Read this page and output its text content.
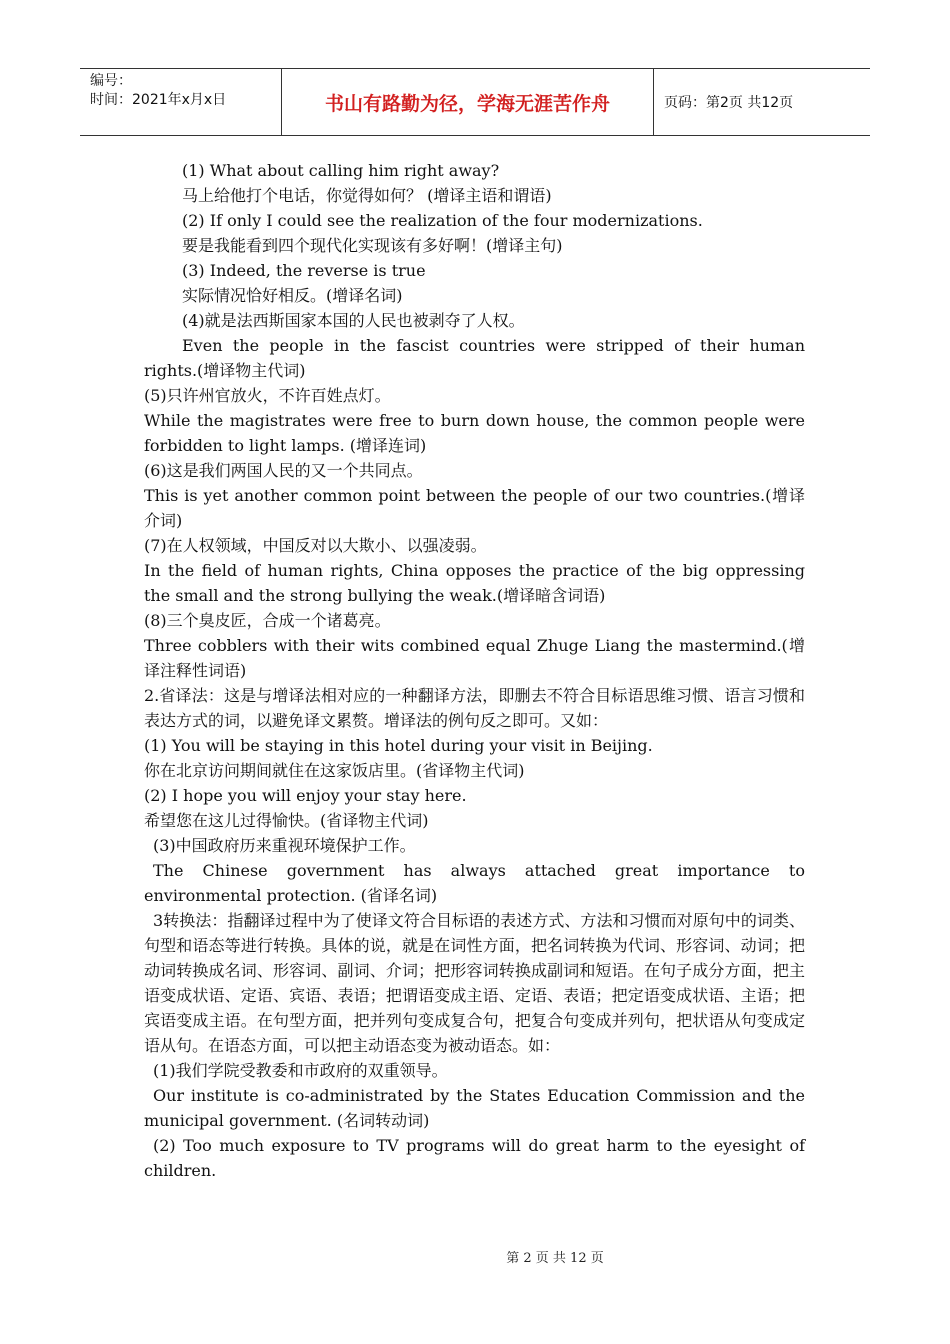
编号：
时间：2021年x月x日	书山有路勤为径，学海无涯苦作舟	页码：第2页 共12页

(1) What about calling him right away?

马上给他打个电话，你觉得如何？ (增译主语和谓语)

(2) If only I could see the realization of the four modernizations.

要是我能看到四个现代化实现该有多好啊！(增译主句)

(3) Indeed, the reverse is true

实际情况恰好相反。(增译名词)

(4)就是法西斯国家本国的人民也被剥夺了人权。

Even the people in the fascist countries were stripped of their human rights.(增译物主代词)

(5)只许州官放火，不许百姓点灯。

While the magistrates were free to burn down house, the common people were forbidden to light lamps. (增译连词)

(6)这是我们两国人民的又一个共同点。

This is yet another common point between the people of our two countries.(增译介词)

(7)在人权领域，中国反对以大欺小、以强凌弱。

In the field of human rights, China opposes the practice of the big oppressing the small and the strong bullying the weak.(增译暗含词语)

(8)三个臭皮匠，合成一个诸葛亮。

Three cobblers with their wits combined equal Zhuge Liang the mastermind.(增译注释性词语)

2.省译法：这是与增译法相对应的一种翻译方法，即删去不符合目标语思维习惯、语言习惯和表达方式的词，以避免译文累赘。增译法的例句反之即可。又如：

(1) You will be staying in this hotel during your visit in Beijing.

你在北京访问期间就住在这家饭店里。(省译物主代词)

(2) I hope you will enjoy your stay here.

希望您在这儿过得愉快。(省译物主代词)

(3)中国政府历来重视环境保护工作。

The Chinese government has always attached great importance to environmental protection. (省译名词)

3转换法：指翻译过程中为了使译文符合目标语的表述方式、方法和习惯而对原句中的词类、句型和语态等进行转换。具体的说，就是在词性方面，把名词转换为代词、形容词、动词；把动词转换成名词、形容词、副词、介词；把形容词转换成副词和短语。在句子成分方面，把主语变成状语、定语、宾语、表语；把谓语变成主语、定语、表语；把定语变成状语、主语；把宾语变成主语。在句型方面，把并列句变成复合句，把复合句变成并列句，把状语从句变成定语从句。在语态方面，可以把主动语态变为被动语态。如：

(1)我们学院受教委和市政府的双重领导。

Our institute is co-administrated by the States Education Commission and the municipal government. (名词转动词)

(2) Too much exposure to TV programs will do great harm to the eyesight of children.

第 2 页 共 12 页
